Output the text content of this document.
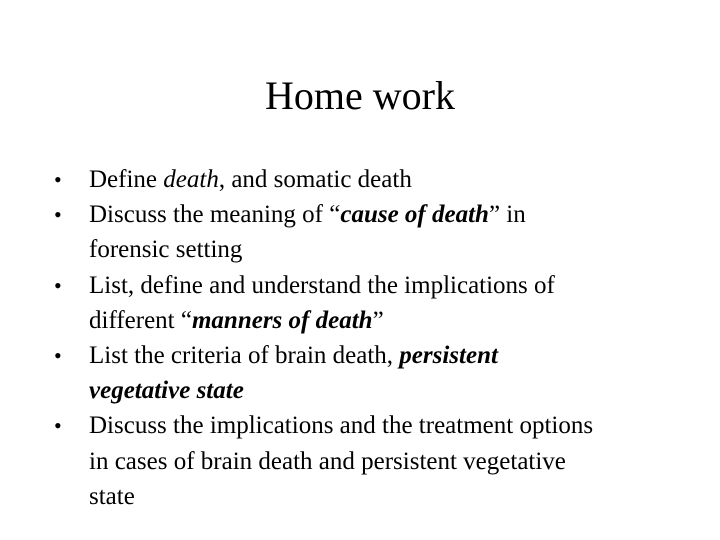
Home work
• Define death, and somatic death
• Discuss the meaning of “cause of death” in
forensic setting
• List, define and understand the implications of
different “manners of death”
• List the criteria of brain death, persistent
vegetative state
• Discuss the implications and the treatment options
in cases of brain death and persistent vegetative
state
